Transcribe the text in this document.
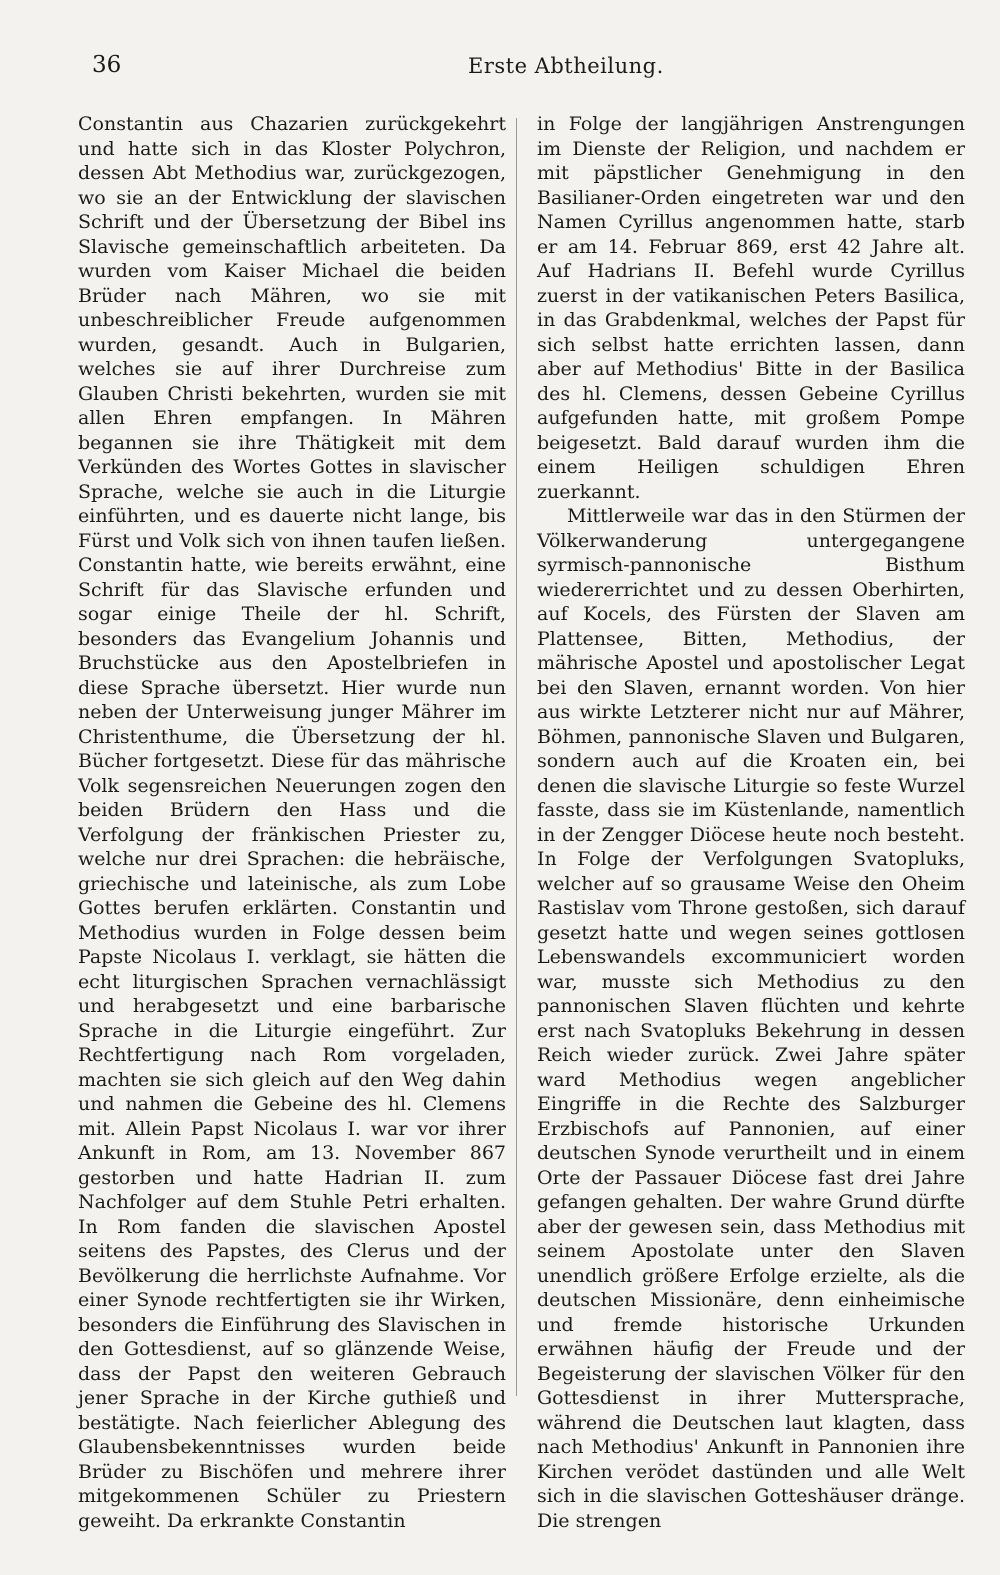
36	Erste Abtheilung.

Constantin aus Chazarien zurückgekehrt und hatte sich in das Kloster Polychron, dessen Abt Methodius war, zurückgezogen, wo sie an der Entwicklung der slavischen Schrift und der Übersetzung der Bibel ins Slavische gemeinschaftlich arbeiteten. Da wurden vom Kaiser Michael die beiden Brüder nach Mähren, wo sie mit unbeschreiblicher Freude aufgenommen wurden, gesandt. Auch in Bulgarien, welches sie auf ihrer Durchreise zum Glauben Christi bekehrten, wurden sie mit allen Ehren empfangen. In Mähren begannen sie ihre Thätigkeit mit dem Verkünden des Wortes Gottes in slavischer Sprache, welche sie auch in die Liturgie einführten, und es dauerte nicht lange, bis Fürst und Volk sich von ihnen taufen ließen. Constantin hatte, wie bereits erwähnt, eine Schrift für das Slavische erfunden und sogar einige Theile der hl. Schrift, besonders das Evangelium Johannis und Bruchstücke aus den Apostelbriefen in diese Sprache übersetzt. Hier wurde nun neben der Unterweisung junger Mährer im Christenthume, die Übersetzung der hl. Bücher fortgesetzt. Diese für das mährische Volk segensreichen Neuerungen zogen den beiden Brüdern den Hass und die Verfolgung der fränkischen Priester zu, welche nur drei Sprachen: die hebräische, griechische und lateinische, als zum Lobe Gottes berufen erklärten. Constantin und Methodius wurden in Folge dessen beim Papste Nicolaus I. verklagt, sie hätten die echt liturgischen Sprachen vernachlässigt und herabgesetzt und eine barbarische Sprache in die Liturgie eingeführt. Zur Rechtfertigung nach Rom vorgeladen, machten sie sich gleich auf den Weg dahin und nahmen die Gebeine des hl. Clemens mit. Allein Papst Nicolaus I. war vor ihrer Ankunft in Rom, am 13. November 867 gestorben und hatte Hadrian II. zum Nachfolger auf dem Stuhle Petri erhalten. In Rom fanden die slavischen Apostel seitens des Papstes, des Clerus und der Bevölkerung die herrlichste Aufnahme. Vor einer Synode rechtfertigten sie ihr Wirken, besonders die Einführung des Slavischen in den Gottesdienst, auf so glänzende Weise, dass der Papst den weiteren Gebrauch jener Sprache in der Kirche guthieß und bestätigte. Nach feierlicher Ablegung des Glaubensbekenntnisses wurden beide Brüder zu Bischöfen und mehrere ihrer mitgekommenen Schüler zu Priestern geweiht. Da erkrankte Constantin

in Folge der langjährigen Anstrengungen im Dienste der Religion, und nachdem er mit päpstlicher Genehmigung in den Basilianer-Orden eingetreten war und den Namen Cyrillus angenommen hatte, starb er am 14. Februar 869, erst 42 Jahre alt. Auf Hadrians II. Befehl wurde Cyrillus zuerst in der vatikanischen Peters Basilica, in das Grabdenkmal, welches der Papst für sich selbst hatte errichten lassen, dann aber auf Methodius' Bitte in der Basilica des hl. Clemens, dessen Gebeine Cyrillus aufgefunden hatte, mit großem Pompe beigesetzt. Bald darauf wurden ihm die einem Heiligen schuldigen Ehren zuerkannt.

Mittlerweile war das in den Stürmen der Völkerwanderung untergegangene syrmisch-pannonische Bisthum wiedererrichtet und zu dessen Oberhirten, auf Kocels, des Fürsten der Slaven am Plattensee, Bitten, Methodius, der mährische Apostel und apostolischer Legat bei den Slaven, ernannt worden. Von hier aus wirkte Letzterer nicht nur auf Mährer, Böhmen, pannonische Slaven und Bulgaren, sondern auch auf die Kroaten ein, bei denen die slavische Liturgie so feste Wurzel fasste, dass sie im Küstenlande, namentlich in der Zengger Diöcese heute noch besteht. In Folge der Verfolgungen Svatopluks, welcher auf so grausame Weise den Oheim Rastislav vom Throne gestoßen, sich darauf gesetzt hatte und wegen seines gottlosen Lebenswandels excommuniciert worden war, musste sich Methodius zu den pannonischen Slaven flüchten und kehrte erst nach Svatopluks Bekehrung in dessen Reich wieder zurück. Zwei Jahre später ward Methodius wegen angeblicher Eingriffe in die Rechte des Salzburger Erzbischofs auf Pannonien, auf einer deutschen Synode verurtheilt und in einem Orte der Passauer Diöcese fast drei Jahre gefangen gehalten. Der wahre Grund dürfte aber der gewesen sein, dass Methodius mit seinem Apostolate unter den Slaven unendlich größere Erfolge erzielte, als die deutschen Missionäre, denn einheimische und fremde historische Urkunden erwähnen häufig der Freude und der Begeisterung der slavischen Völker für den Gottesdienst in ihrer Muttersprache, während die Deutschen laut klagten, dass nach Methodius' Ankunft in Pannonien ihre Kirchen verödet dastünden und alle Welt sich in die slavischen Gotteshäuser dränge. Die strengen
